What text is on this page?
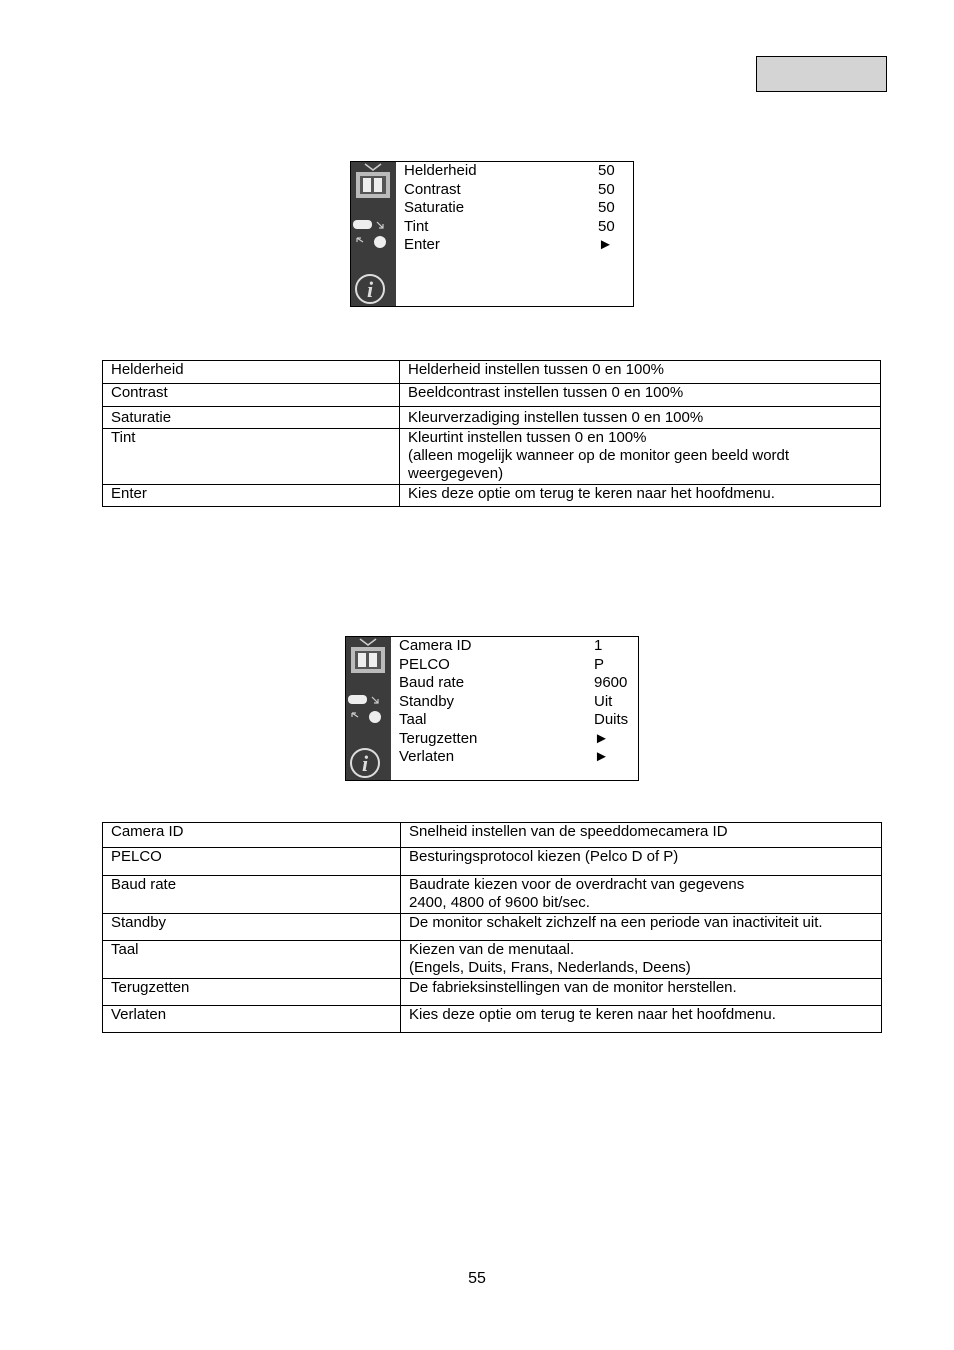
i
Helderheid	50
Contrast	50
Saturatie	50
Tint	50
Enter	►
Helderheid	Helderheid instellen tussen 0 en 100%

Contrast	Beeldcontrast instellen tussen 0 en 100%

Saturatie	Kleurverzadiging instellen tussen 0 en 100%

Tint	Kleurtint instellen tussen 0 en 100%
(alleen mogelijk wanneer op de monitor geen beeld wordt
weergegeven)

Enter	Kies deze optie om terug te keren naar het hoofdmenu.
i
Camera ID	1
PELCO	P
Baud rate	9600
Standby	Uit
Taal	Duits
Terugzetten	►
Verlaten	►
Camera ID	Snelheid instellen van de speeddomecamera ID

PELCO	Besturingsprotocol kiezen (Pelco D of P)

Baud rate	Baudrate kiezen voor de overdracht van gegevens
2400, 4800 of 9600 bit/sec.

Standby	De monitor schakelt zichzelf na een periode van inactiviteit uit.

Taal	Kiezen van de menutaal.
(Engels, Duits, Frans, Nederlands, Deens)

Terugzetten	De fabrieksinstellingen van de monitor herstellen.

Verlaten	Kies deze optie om terug te keren naar het hoofdmenu.
55
